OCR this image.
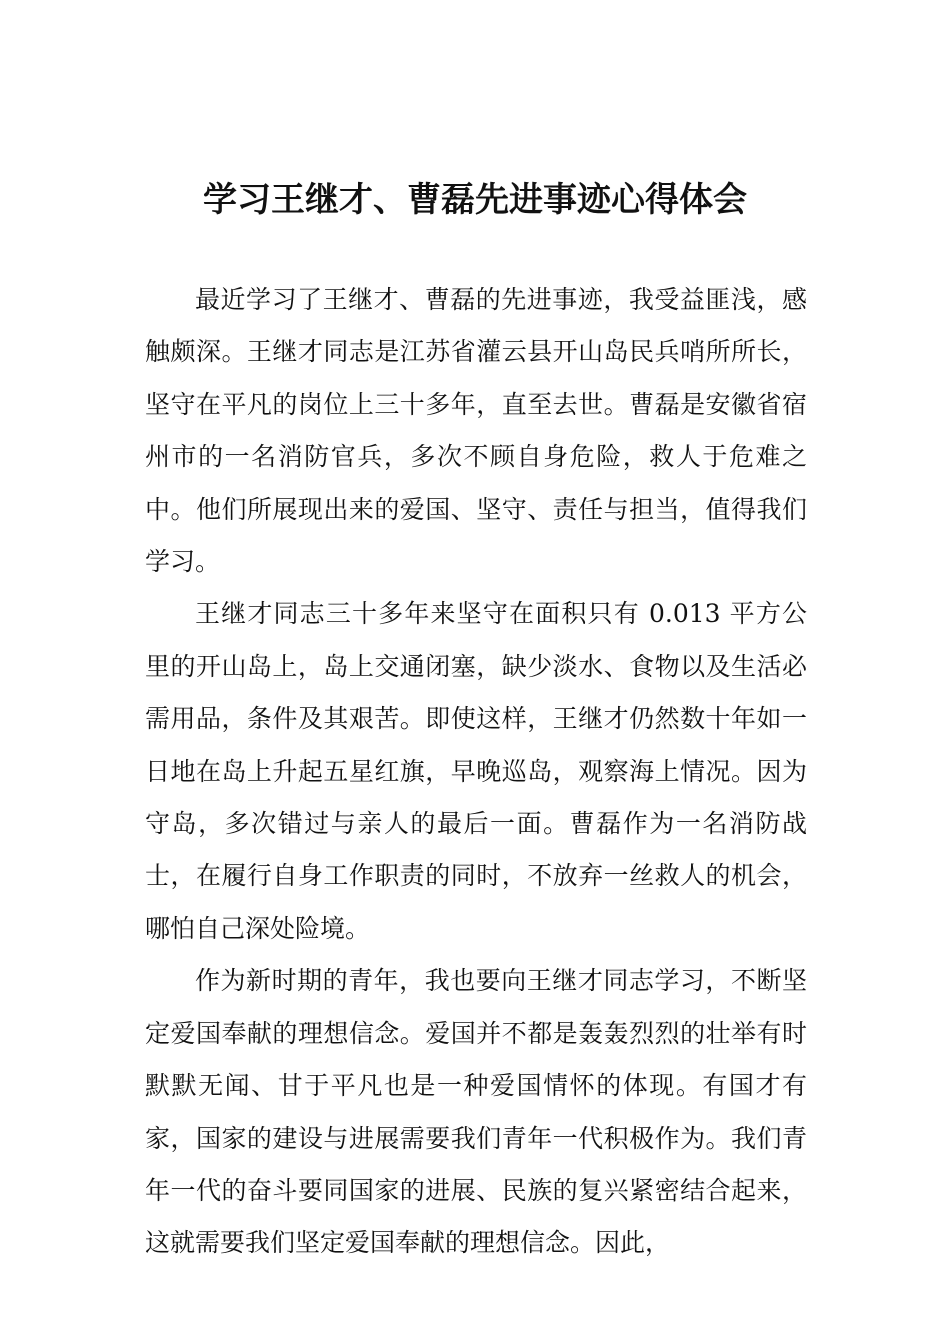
学习王继才、曹磊先进事迹心得体会

最近学习了王继才、曹磊的先进事迹，我受益匪浅，感触颇深。王继才同志是江苏省灌云县开山岛民兵哨所所长，坚守在平凡的岗位上三十多年，直至去世。曹磊是安徽省宿州市的一名消防官兵，多次不顾自身危险，救人于危难之中。他们所展现出来的爱国、坚守、责任与担当，值得我们学习。

王继才同志三十多年来坚守在面积只有 0.013 平方公里的开山岛上，岛上交通闭塞，缺少淡水、食物以及生活必需用品，条件及其艰苦。即使这样，王继才仍然数十年如一日地在岛上升起五星红旗，早晚巡岛，观察海上情况。因为守岛，多次错过与亲人的最后一面。曹磊作为一名消防战士，在履行自身工作职责的同时，不放弃一丝救人的机会，哪怕自己深处险境。

作为新时期的青年，我也要向王继才同志学习，不断坚定爱国奉献的理想信念。爱国并不都是轰轰烈烈的壮举有时默默无闻、甘于平凡也是一种爱国情怀的体现。有国才有家，国家的建设与进展需要我们青年一代积极作为。我们青年一代的奋斗要同国家的进展、民族的复兴紧密结合起来，这就需要我们坚定爱国奉献的理想信念。因此，
